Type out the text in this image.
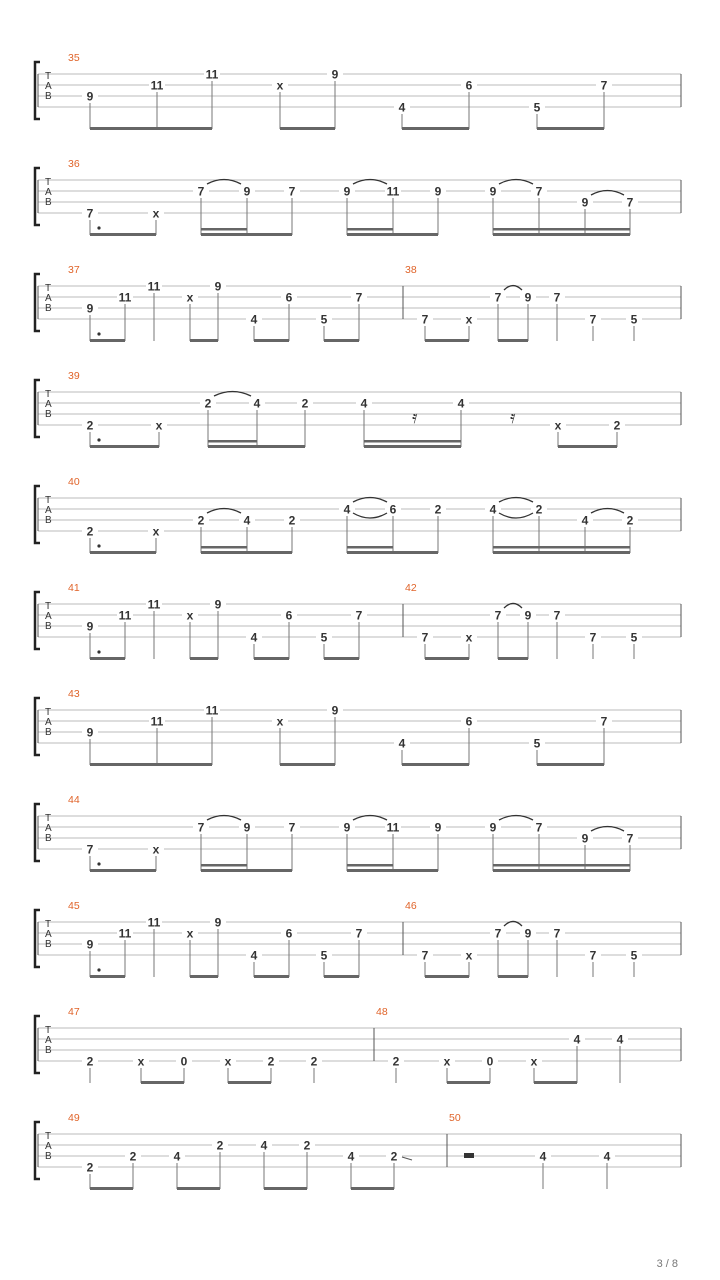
T
A
B
35
9
11
11
x
9
4
6
5
7
T
A
B
36
7	x
7	9	7	9	11	9	9	7
9	7
T
A
B
37	38
9
11
11
x
9
4
6
5
7
7	x
7 9 7
7	5
T
A
B
39
2	x
2	4	2	4	4
x	2
𝄿	𝄿
T
A
B
40
2	x
2	4	2
4	6	2	4	2
4	2
T
A
B
41	42
9
11
11
x
9
4
6
5
7
7	x
7 9 7
7	5
T
A
B
43
9
11
11
x
9
4
6
5
7
T
A
B
44
7	x
7	9	7	9	11	9	9	7
9	7
T
A
B
45	46
9
11
11
x
9
4
6
5
7
7	x
7 9 7
7	5
T
A
B
47	48
2	x	0	x	2	2	2	x	0	x
4	4
T
A
B
49	50
2
2	4
2	4	2
4	2	4	4
3 / 8
